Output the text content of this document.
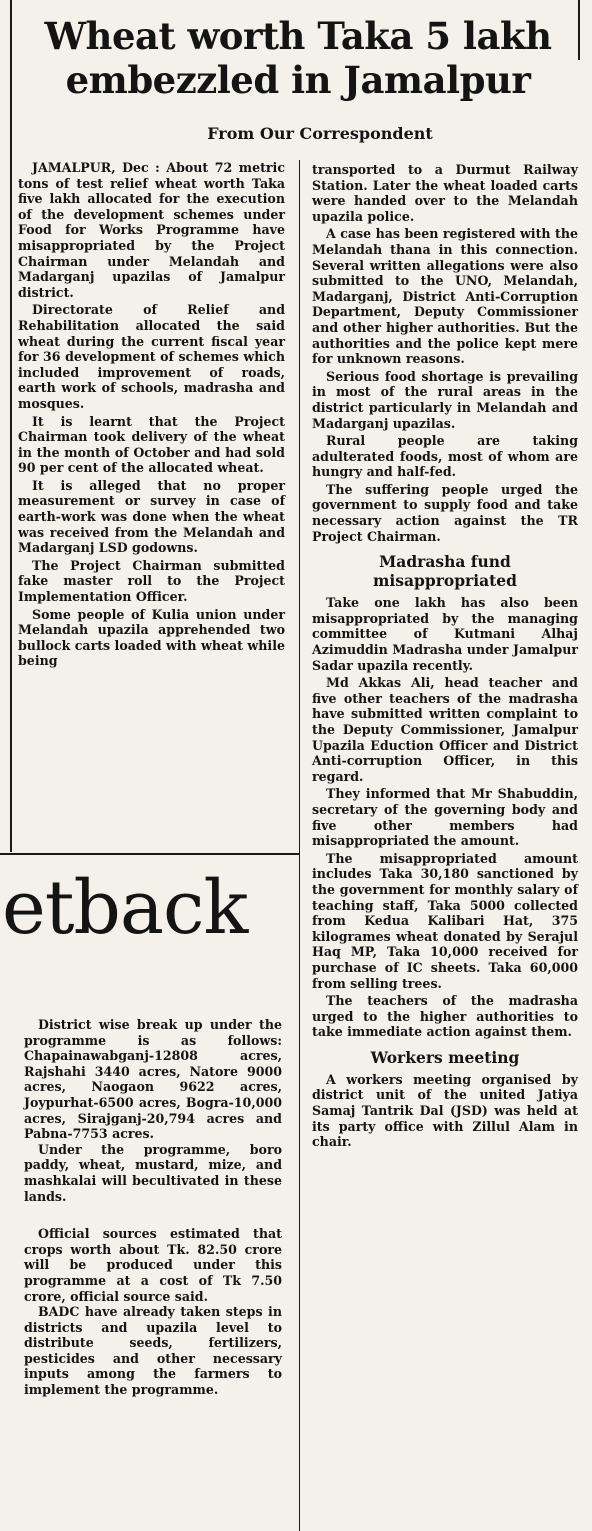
Wheat worth Taka 5 lakh embezzled in Jamalpur
From Our Correspondent

JAMALPUR, Dec : About 72 metric tons of test relief wheat worth Taka five lakh allocated for the execution of the development schemes under Food for Works Programme have misappropriated by the Project Chairman under Melandah and Madarganj upazilas of Jamalpur district.

Directorate of Relief and Rehabilitation allocated the said wheat during the current fiscal year for 36 development of schemes which included improvement of roads, earth work of schools, madrasha and mosques.

It is learnt that the Project Chairman took delivery of the wheat in the month of October and had sold 90 per cent of the allocated wheat.

It is alleged that no proper measurement or survey in case of earth-work was done when the wheat was received from the Melandah and Madarganj LSD godowns.

The Project Chairman submitted fake master roll to the Project Implementation Officer.

Some people of Kulia union under Melandah upazila apprehended two bullock carts loaded with wheat while being

transported to a Durmut Railway Station. Later the wheat loaded carts were handed over to the Melandah upazila police.

A case has been registered with the Melandah thana in this connection. Several written allegations were also submitted to the UNO, Melandah, Madarganj, District Anti-Corruption Department, Deputy Commissioner and other higher authorities. But the authorities and the police kept mere for unknown reasons.

Serious food shortage is prevailing in most of the rural areas in the district particularly in Melandah and Madarganj upazilas.

Rural people are taking adulterated foods, most of whom are hungry and half-fed.

The suffering people urged the government to supply food and take necessary action against the TR Project Chairman.

Madrasha fund misappropriated

Take one lakh has also been misappropriated by the managing committee of Kutmani Alhaj Azimuddin Madrasha under Jamalpur Sadar upazila recently.

Md Akkas Ali, head teacher and five other teachers of the madrasha have submitted written complaint to the Deputy Commissioner, Jamalpur Upazila Eduction Officer and District Anti-corruption Officer, in this regard.

They informed that Mr Shabuddin, secretary of the governing body and five other members had misappropriated the amount.

The misappropriated amount includes Taka 30,180 sanctioned by the government for monthly salary of teaching staff, Taka 5000 collected from Kedua Kalibari Hat, 375 kilogrames wheat donated by Serajul Haq MP, Taka 10,000 received for purchase of IC sheets. Taka 60,000 from selling trees.

The teachers of the madrasha urged to the higher authorities to take immediate action against them.

Workers meeting

A workers meeting organised by district unit of the united Jatiya Samaj Tantrik Dal (JSD) was held at its party office with Zillul Alam in chair.

etback

District wise break up under the programme is as follows: Chapainawabganj-12808 acres, Rajshahi 3440 acres, Natore 9000 acres, Naogaon 9622 acres, Joypurhat-6500 acres, Bogra-10,000 acres, Sirajganj-20,794 acres and Pabna-7753 acres.

Under the programme, boro paddy, wheat, mustard, mize, and mashkalai will becultivated in these lands.

Official sources estimated that crops worth about Tk. 82.50 crore will be produced under this programme at a cost of Tk 7.50 crore, official source said.

BADC have already taken steps in districts and upazila level to distribute seeds, fertilizers, pesticides and other necessary inputs among the farmers to implement the programme.
